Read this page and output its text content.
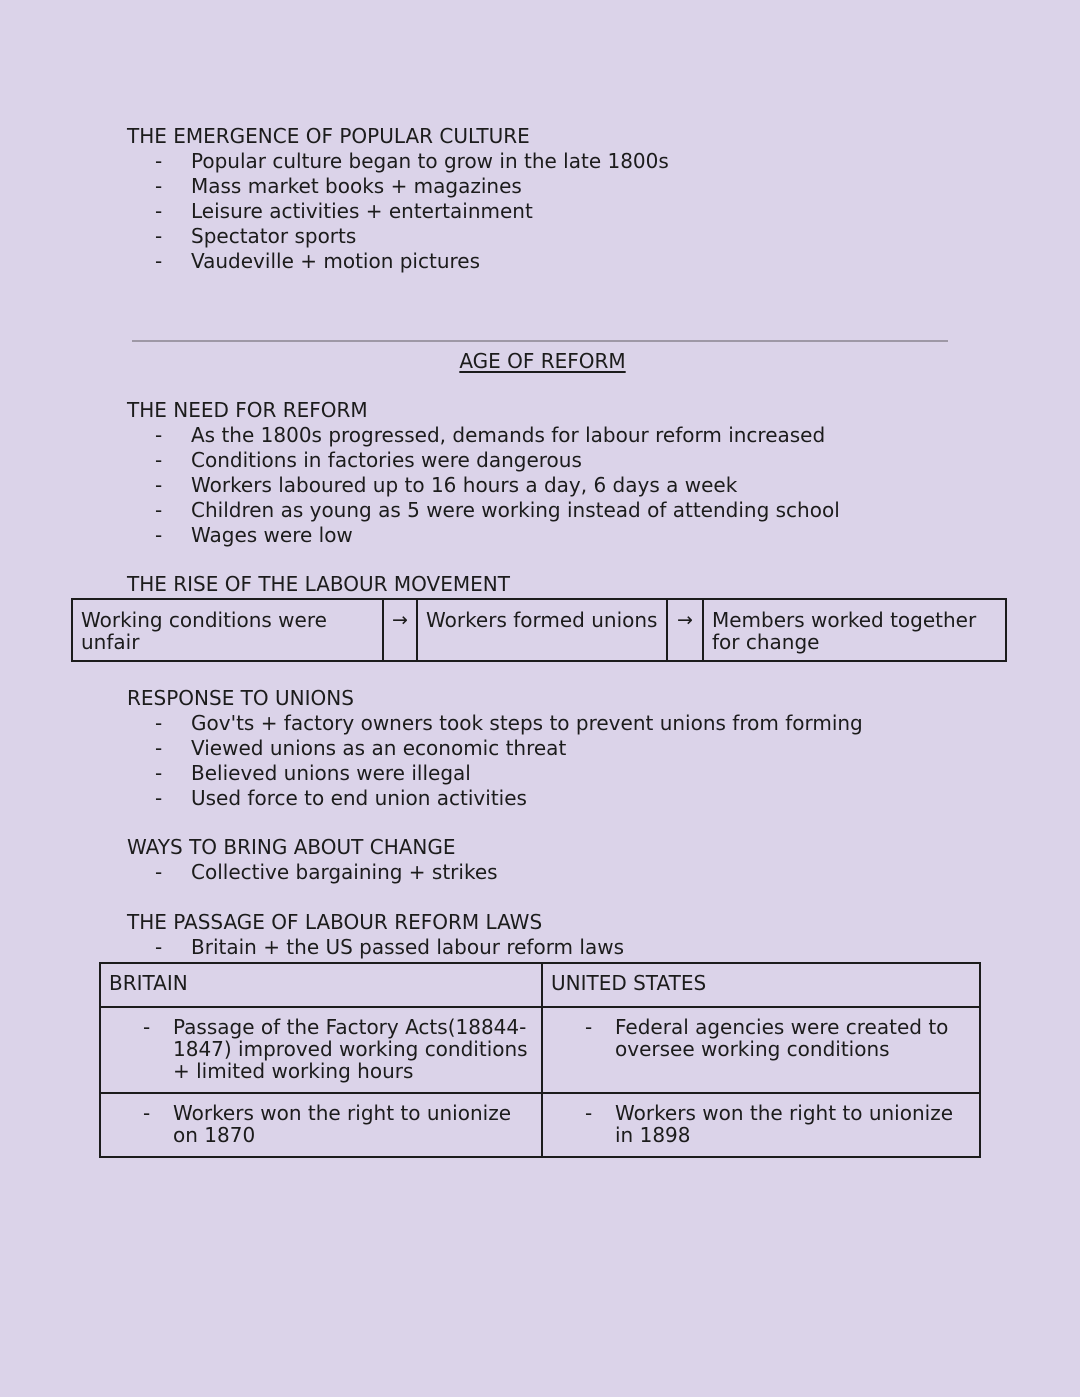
THE EMERGENCE OF POPULAR CULTURE
- Popular culture began to grow in the late 1800s
- Mass market books + magazines
- Leisure activities + entertainment
- Spectator sports
- Vaudeville + motion pictures
AGE OF REFORM
THE NEED FOR REFORM
- As the 1800s progressed, demands for labour reform increased
- Conditions in factories were dangerous
- Workers laboured up to 16 hours a day, 6 days a week
- Children as young as 5 were working instead of attending school
- Wages were low
THE RISE OF THE LABOUR MOVEMENT
Working conditions were unfair	→	Workers formed unions	→	Members worked together for change
RESPONSE TO UNIONS
- Gov'ts + factory owners took steps to prevent unions from forming
- Viewed unions as an economic threat
- Believed unions were illegal
- Used force to end union activities
WAYS TO BRING ABOUT CHANGE
- Collective bargaining + strikes
THE PASSAGE OF LABOUR REFORM LAWS
- Britain + the US passed labour reform laws
BRITAIN	UNITED STATES

- Passage of the Factory Acts(18844-1847) improved working conditions + limited working hours	- Federal agencies were created to oversee working conditions

- Workers won the right to unionize on 1870	- Workers won the right to unionize in 1898
